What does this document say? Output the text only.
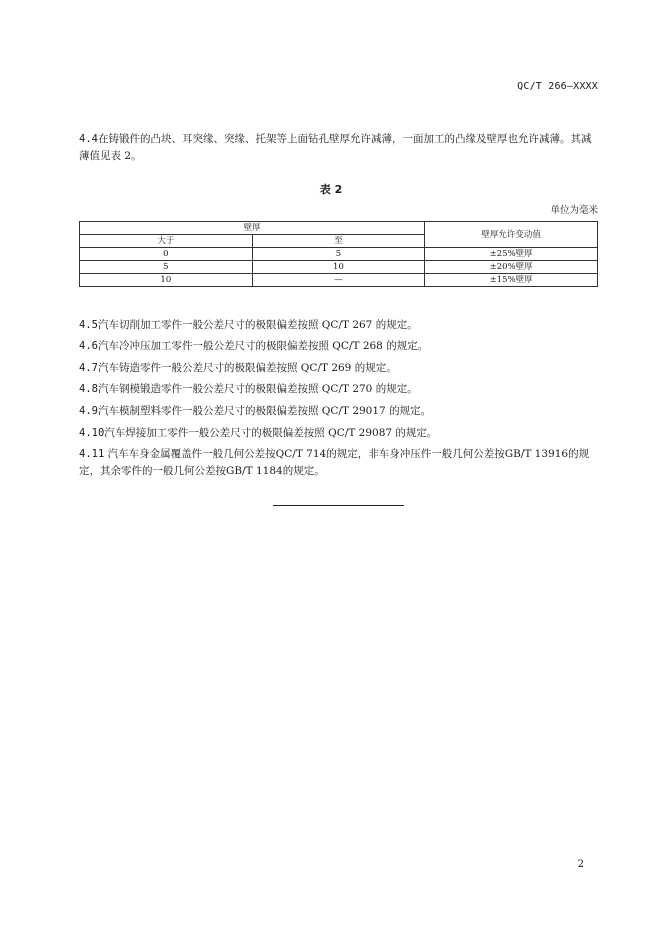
QC/T 266—XXXX
4.4在铸锻件的凸块、耳突缘、突缘、托架等上面钻孔壁厚允许减薄，一面加工的凸缘及壁厚也允许减薄。其减薄值见表 2。
表 2
单位为毫米
壁厚		壁厚允许变动值
大于	至	
0	5	±25%壁厚
5	10	±20%壁厚
10	—	±15%壁厚
4.5汽车切削加工零件一般公差尺寸的极限偏差按照 QC/T 267 的规定。
4.6汽车冷冲压加工零件一般公差尺寸的极限偏差按照 QC/T 268 的规定。
4.7汽车铸造零件一般公差尺寸的极限偏差按照 QC/T 269 的规定。
4.8汽车钢模锻造零件一般公差尺寸的极限偏差按照 QC/T 270 的规定。
4.9汽车模制塑料零件一般公差尺寸的极限偏差按照 QC/T 29017 的规定。
4.10汽车焊接加工零件一般公差尺寸的极限偏差按照 QC/T 29087 的规定。
4.11 汽车车身金属覆盖件一般几何公差按QC/T 714的规定，非车身冲压件一般几何公差按GB/T 13916的规定，其余零件的一般几何公差按GB/T 1184的规定。
2
